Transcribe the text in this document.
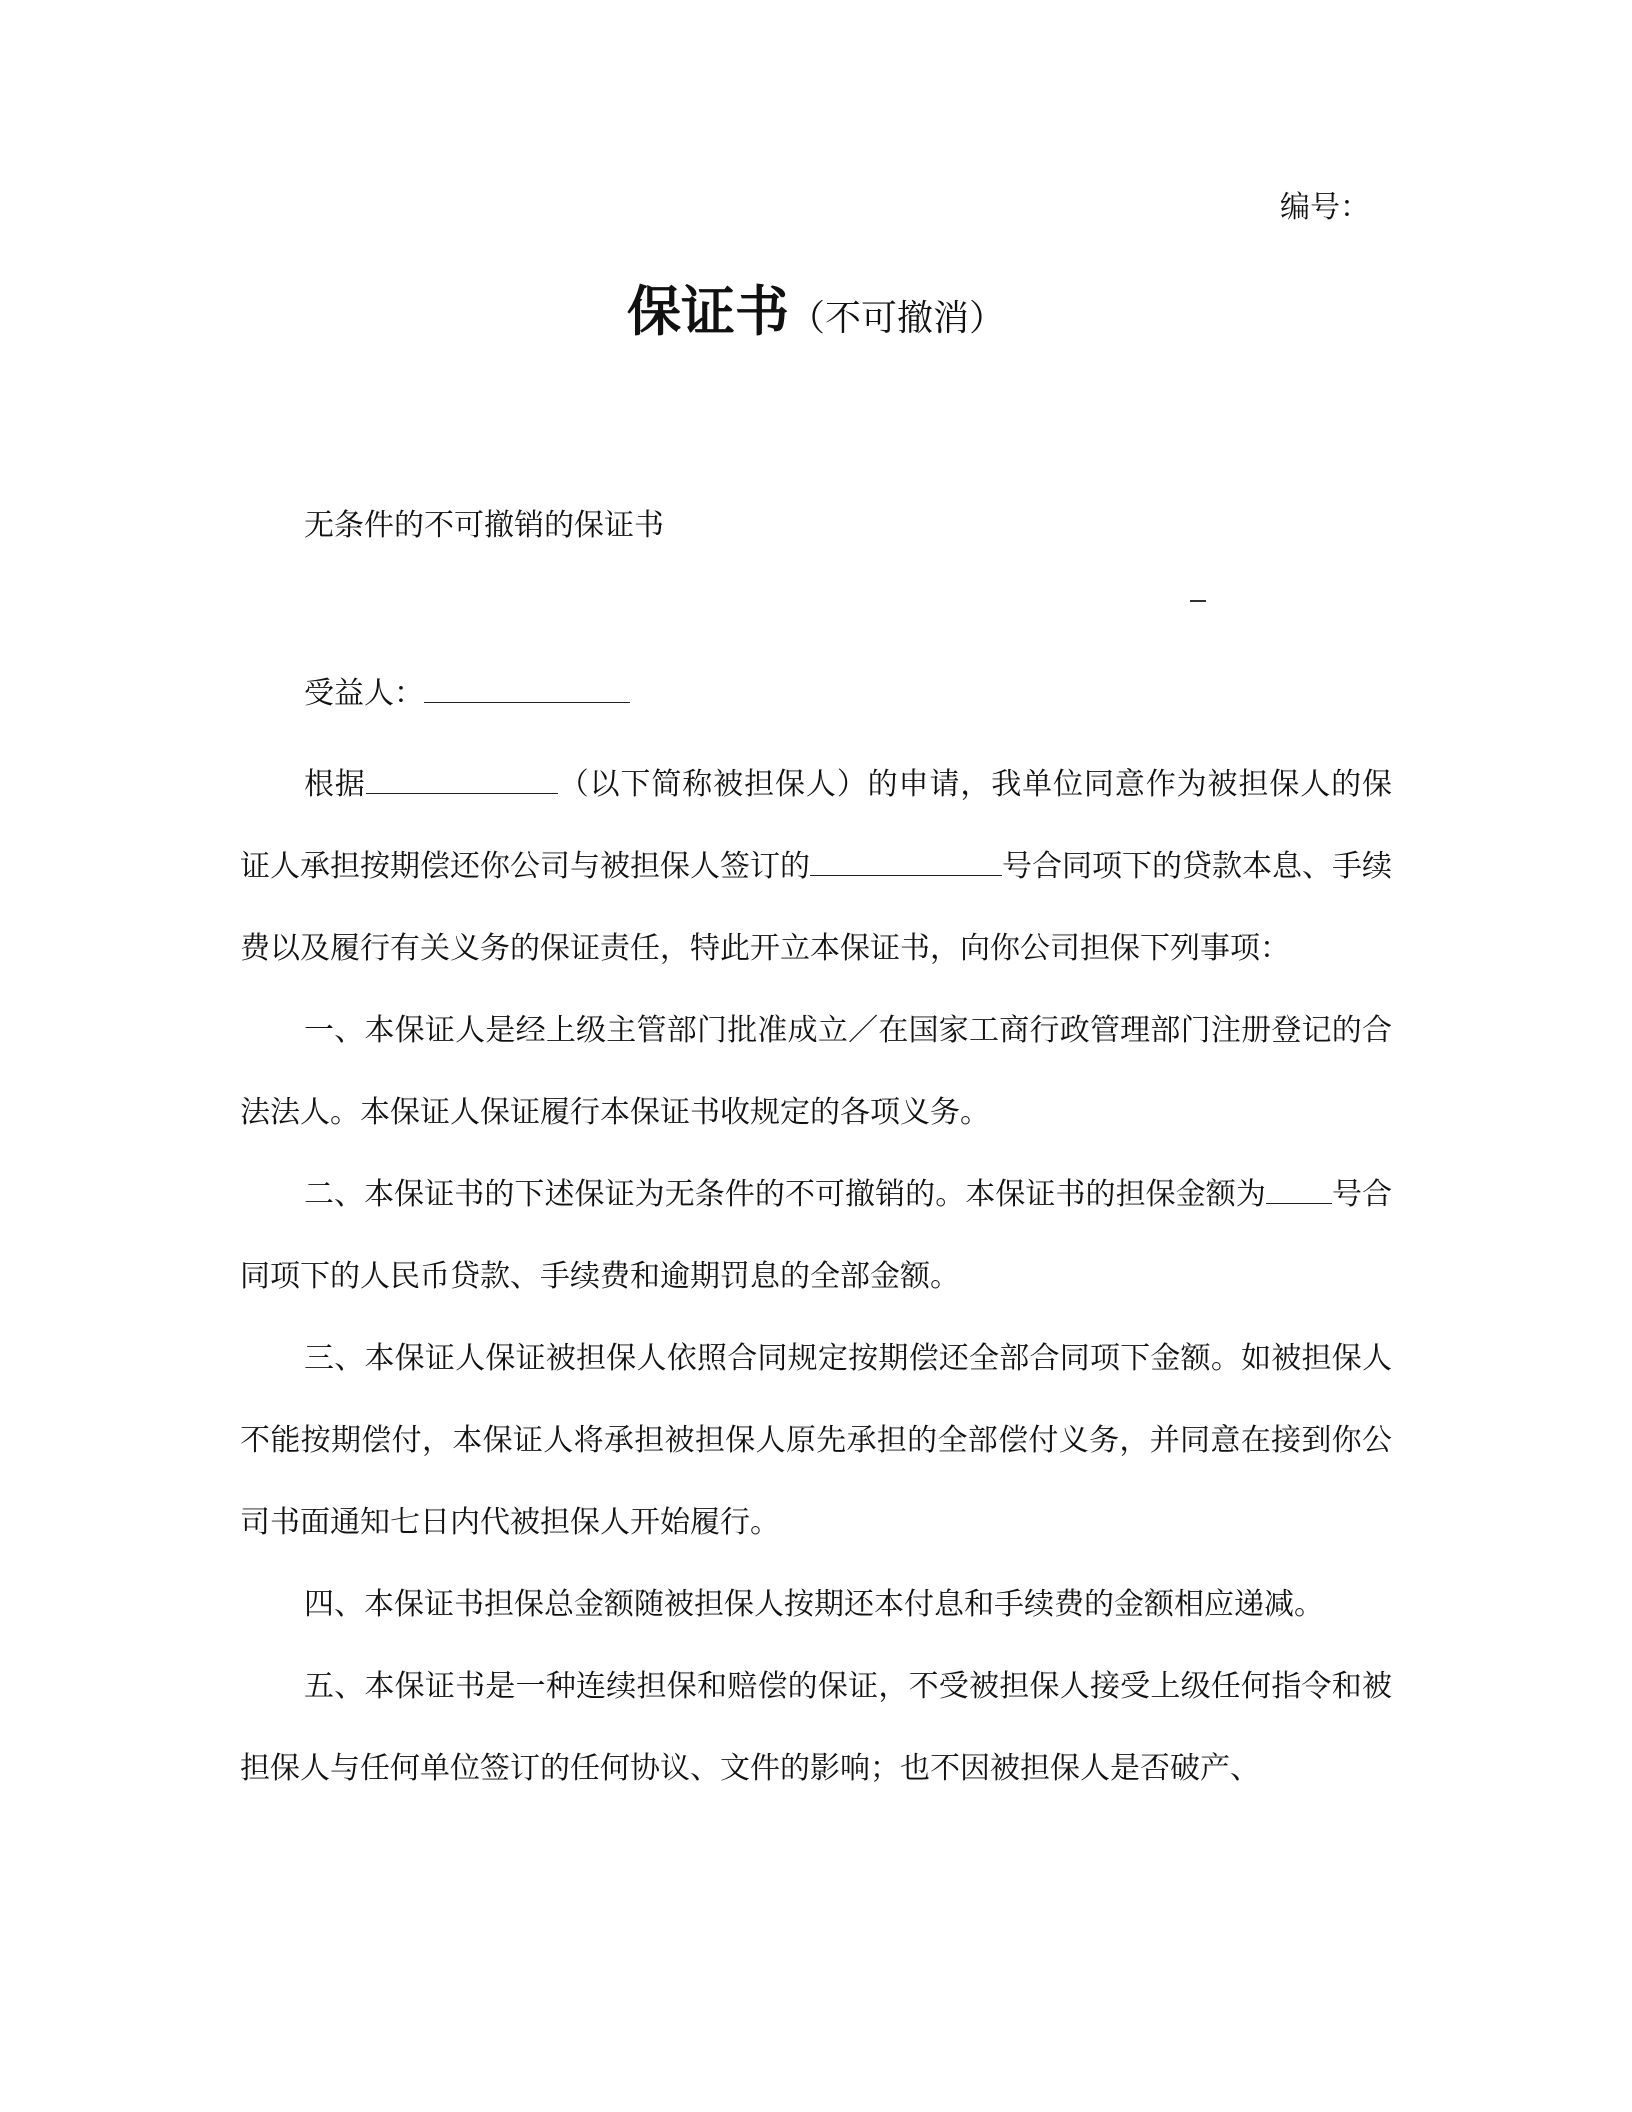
编号：
保证书（不可撤消）
无条件的不可撤销的保证书
受益人：

根据	（以下简称被担保人）的申请，我单位同意作为被担保人的保证人承担按期偿还你公司与被担保人签订的	号合同项下的贷款本息、手续费以及履行有关义务的保证责任，特此开立本保证书，向你公司担保下列事项：

一、本保证人是经上级主管部门批准成立／在国家工商行政管理部门注册登记的合法法人。本保证人保证履行本保证书收规定的各项义务。

二、本保证书的下述保证为无条件的不可撤销的。本保证书的担保金额为 号合同项下的人民币贷款、手续费和逾期罚息的全部金额。

三、本保证人保证被担保人依照合同规定按期偿还全部合同项下金额。如被担保人不能按期偿付，本保证人将承担被担保人原先承担的全部偿付义务，并同意在接到你公司书面通知七日内代被担保人开始履行。

四、本保证书担保总金额随被担保人按期还本付息和手续费的金额相应递减。

五、本保证书是一种连续担保和赔偿的保证，不受被担保人接受上级任何指令和被担保人与任何单位签订的任何协议、文件的影响；也不因被担保人是否破产、
